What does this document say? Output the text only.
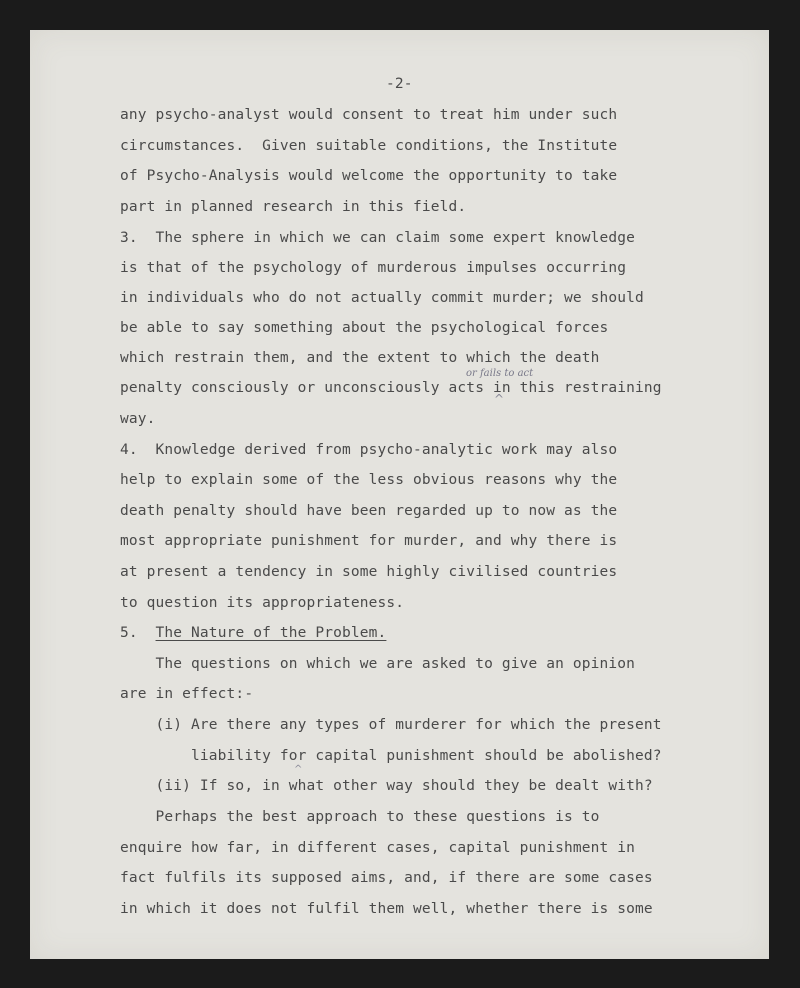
-2-
any psycho-analyst would consent to treat him under such
circumstances.  Given suitable conditions, the Institute
of Psycho-Analysis would welcome the opportunity to take
part in planned research in this field.
3.  The sphere in which we can claim some expert knowledge
is that of the psychology of murderous impulses occurring
in individuals who do not actually commit murder; we should
be able to say something about the psychological forces
which restrain them, and the extent to which the death
or fails to act
penalty consciously or unconsciously acts in this restraining
^
way.
4.  Knowledge derived from psycho-analytic work may also
help to explain some of the less obvious reasons why the
death penalty should have been regarded up to now as the
most appropriate punishment for murder, and why there is
at present a tendency in some highly civilised countries
to question its appropriateness.
5.  The Nature of the Problem.
The questions on which we are asked to give an opinion
are in effect:-
(i) Are there any types of murderer for which the present
^
liability for capital punishment should be abolished?
(ii) If so, in what other way should they be dealt with?
Perhaps the best approach to these questions is to
enquire how far, in different cases, capital punishment in
fact fulfils its supposed aims, and, if there are some cases
in which it does not fulfil them well, whether there is some
